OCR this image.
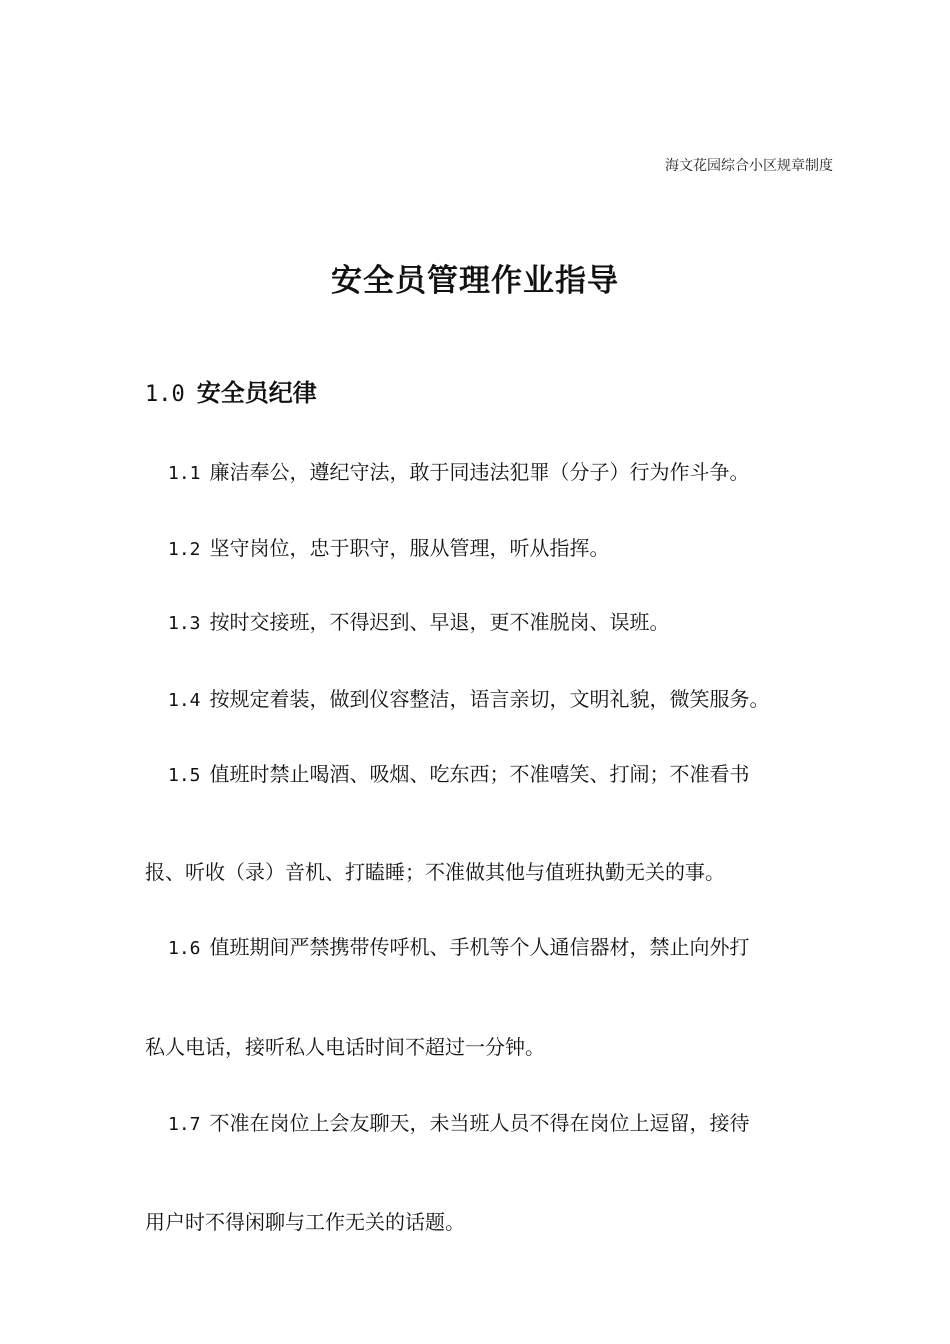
海文花园综合小区规章制度
安全员管理作业指导
1.0 安全员纪律
1.1 廉洁奉公，遵纪守法，敢于同违法犯罪（分子）行为作斗争。
1.2 坚守岗位，忠于职守，服从管理，听从指挥。
1.3 按时交接班，不得迟到、早退，更不准脱岗、误班。
1.4 按规定着装，做到仪容整洁，语言亲切，文明礼貌，微笑服务。
1.5 值班时禁止喝酒、吸烟、吃东西；不准嘻笑、打闹；不准看书
报、听收（录）音机、打瞌睡；不准做其他与值班执勤无关的事。
1.6 值班期间严禁携带传呼机、手机等个人通信器材，禁止向外打
私人电话，接听私人电话时间不超过一分钟。
1.7 不准在岗位上会友聊天，未当班人员不得在岗位上逗留，接待
用户时不得闲聊与工作无关的话题。
